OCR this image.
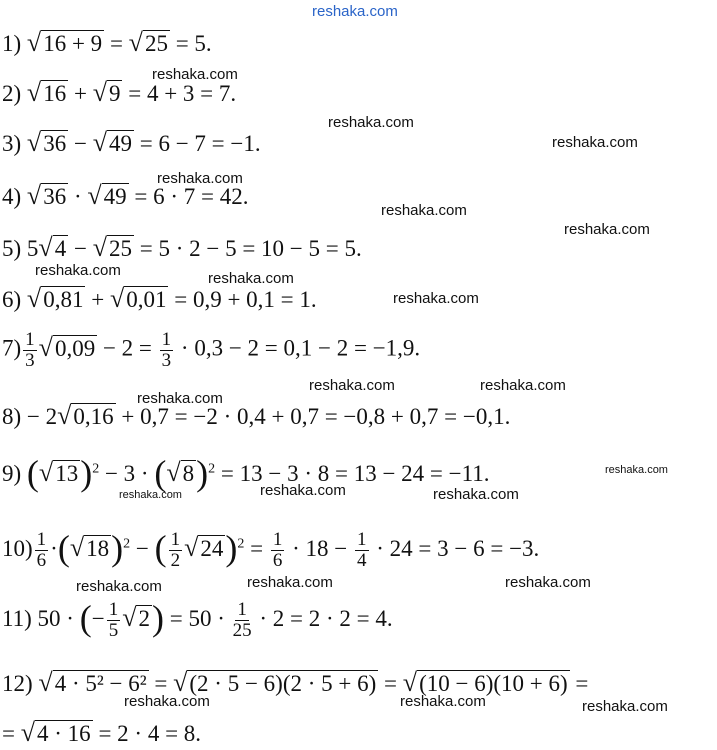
reshaka.com
reshaka.com
reshaka.com
reshaka.com
reshaka.com
reshaka.com
reshaka.com
reshaka.com	reshaka.com
reshaka.com
reshaka.com	reshaka.com
reshaka.com
reshaka.com
reshaka.com	reshaka.com
reshaka.com
reshaka.com	reshaka.com	reshaka.com
reshaka.com	reshaka.com	reshaka.com
1) √16 + 9 = √25 = 5.
2) √16 + √9 = 4 + 3 = 7.
3) √36 − √49 = 6 − 7 = −1.
4) √36 · √49 = 6 · 7 = 42.
5) 5√4 − √25 = 5 · 2 − 5 = 10 − 5 = 5.
6) √0,81 + √0,01 = 0,9 + 0,1 = 1.
$7) \frac{1}{3} √0,09 - 2 = \frac{1}{3} \cdot 0,3 - 2 = 0,1 - 2 = -1,9$.
8) − 2√0,16 + 0,7 = −2 · 0,4 + 0,7 = −0,8 + 0,7 = −0,1.
9) $(√13)^2 - 3 \cdot (√8)^2 = 13 - 3 \cdot 8 = 13 - 24 = -11$.
$10) \frac{1}{6} \cdot(√18)^2$ − ( $\frac{1}{2} √24)^2 = \frac{1}{6} \cdot 18 - \frac{1}{4} \cdot 24 = 3 - 6 = -3$.
11) 50 · (− $\frac{1}{5} √2) = 50 \cdot \frac{1}{25} \cdot 2 = 2 \cdot 2 = 4$.
12) √4 · 5² − 6² = √(2 · 5 − 6)(2 · 5 + 6) = √(10 − 6)(10 + 6) =
= √4 · 16 = 2 · 4 = 8.
